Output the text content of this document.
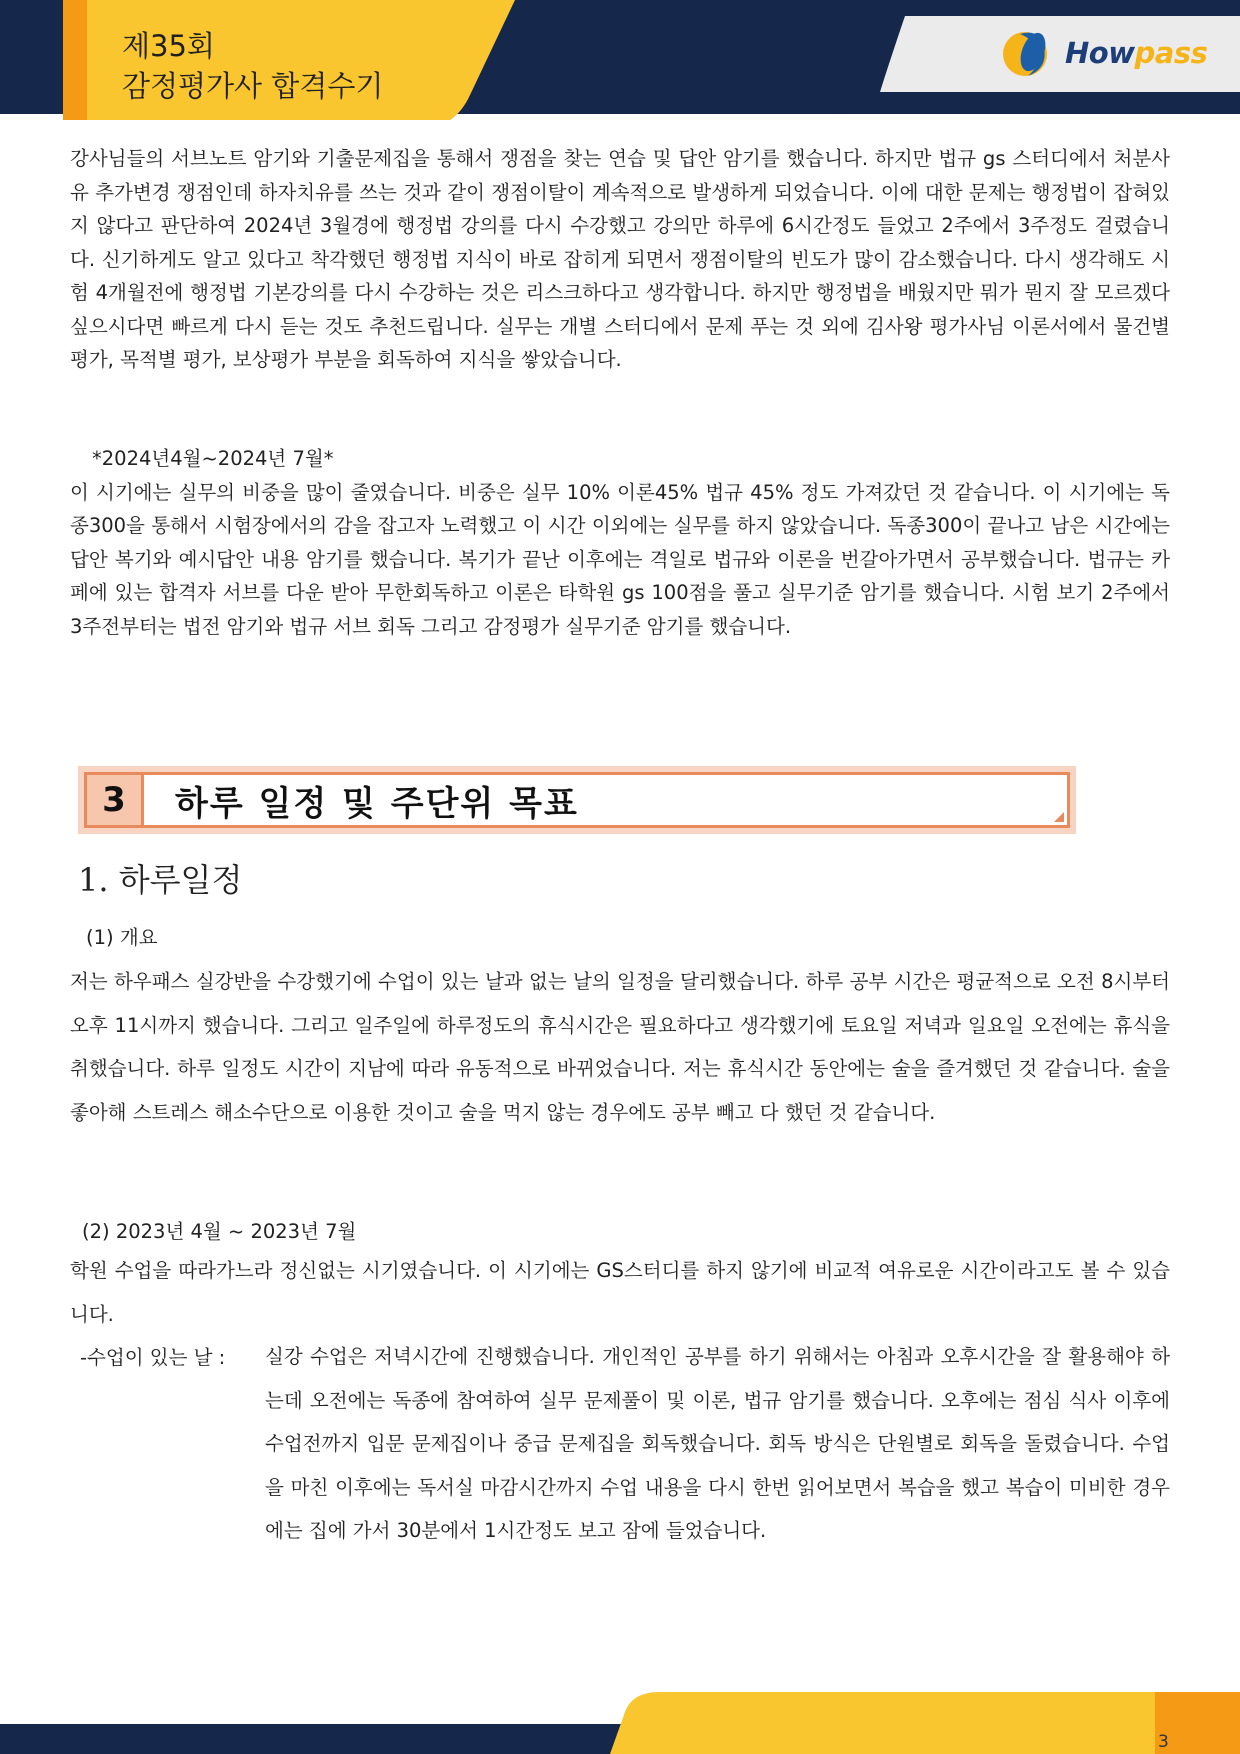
제35회
감정평가사 합격수기
Howpass

강사님들의 서브노트 암기와 기출문제집을 통해서 쟁점을 찾는 연습 및 답안 암기를 했습니다. 하지만 법규 gs 스터디에서 처분사유 추가변경 쟁점인데 하자치유를 쓰는 것과 같이 쟁점이탈이 계속적으로 발생하게 되었습니다. 이에 대한 문제는 행정법이 잡혀있지 않다고 판단하여 2024년 3월경에 행정법 강의를 다시 수강했고 강의만 하루에 6시간정도 들었고 2주에서 3주정도 걸렸습니다. 신기하게도 알고 있다고 착각했던 행정법 지식이 바로 잡히게 되면서 쟁점이탈의 빈도가 많이 감소했습니다. 다시 생각해도 시험 4개월전에 행정법 기본강의를 다시 수강하는 것은 리스크하다고 생각합니다. 하지만 행정법을 배웠지만 뭐가 뭔지 잘 모르겠다 싶으시다면 빠르게 다시 듣는 것도 추천드립니다. 실무는 개별 스터디에서 문제 푸는 것 외에 김사왕 평가사님 이론서에서 물건별 평가, 목적별 평가, 보상평가 부분을 회독하여 지식을 쌓았습니다.

*2024년4월~2024년 7월*

이 시기에는 실무의 비중을 많이 줄였습니다. 비중은 실무 10% 이론45% 법규 45% 정도 가져갔던 것 같습니다. 이 시기에는 독종300을 통해서 시험장에서의 감을 잡고자 노력했고 이 시간 이외에는 실무를 하지 않았습니다. 독종300이 끝나고 남은 시간에는 답안 복기와 예시답안 내용 암기를 했습니다. 복기가 끝난 이후에는 격일로 법규와 이론을 번갈아가면서 공부했습니다. 법규는 카페에 있는 합격자 서브를 다운 받아 무한회독하고 이론은 타학원 gs 100점을 풀고 실무기준 암기를 했습니다. 시험 보기 2주에서 3주전부터는 법전 암기와 법규 서브 회독 그리고 감정평가 실무기준 암기를 했습니다.

3	하루 일정 및 주단위 목표
1. 하루일정
(1) 개요

저는 하우패스 실강반을 수강했기에 수업이 있는 날과 없는 날의 일정을 달리했습니다. 하루 공부 시간은 평균적으로 오전 8시부터 오후 11시까지 했습니다. 그리고 일주일에 하루정도의 휴식시간은 필요하다고 생각했기에 토요일 저녁과 일요일 오전에는 휴식을 취했습니다. 하루 일정도 시간이 지남에 따라 유동적으로 바뀌었습니다. 저는 휴식시간 동안에는 술을 즐겨했던 것 같습니다. 술을 좋아해 스트레스 해소수단으로 이용한 것이고 술을 먹지 않는 경우에도 공부 빼고 다 했던 것 같습니다.

(2) 2023년 4월 ~ 2023년 7월

학원 수업을 따라가느라 정신없는 시기였습니다. 이 시기에는 GS스터디를 하지 않기에 비교적 여유로운 시간이라고도 볼 수 있습니다.

-수업이 있는 날 : 실강 수업은 저녁시간에 진행했습니다. 개인적인 공부를 하기 위해서는 아침과 오후시간을 잘 활용해야 하는데 오전에는 독종에 참여하여 실무 문제풀이 및 이론, 법규 암기를 했습니다. 오후에는 점심 식사 이후에 수업전까지 입문 문제집이나 중급 문제집을 회독했습니다. 회독 방식은 단원별로 회독을 돌렸습니다. 수업을 마친 이후에는 독서실 마감시간까지 수업 내용을 다시 한번 읽어보면서 복습을 했고 복습이 미비한 경우에는 집에 가서 30분에서 1시간정도 보고 잠에 들었습니다.

3
